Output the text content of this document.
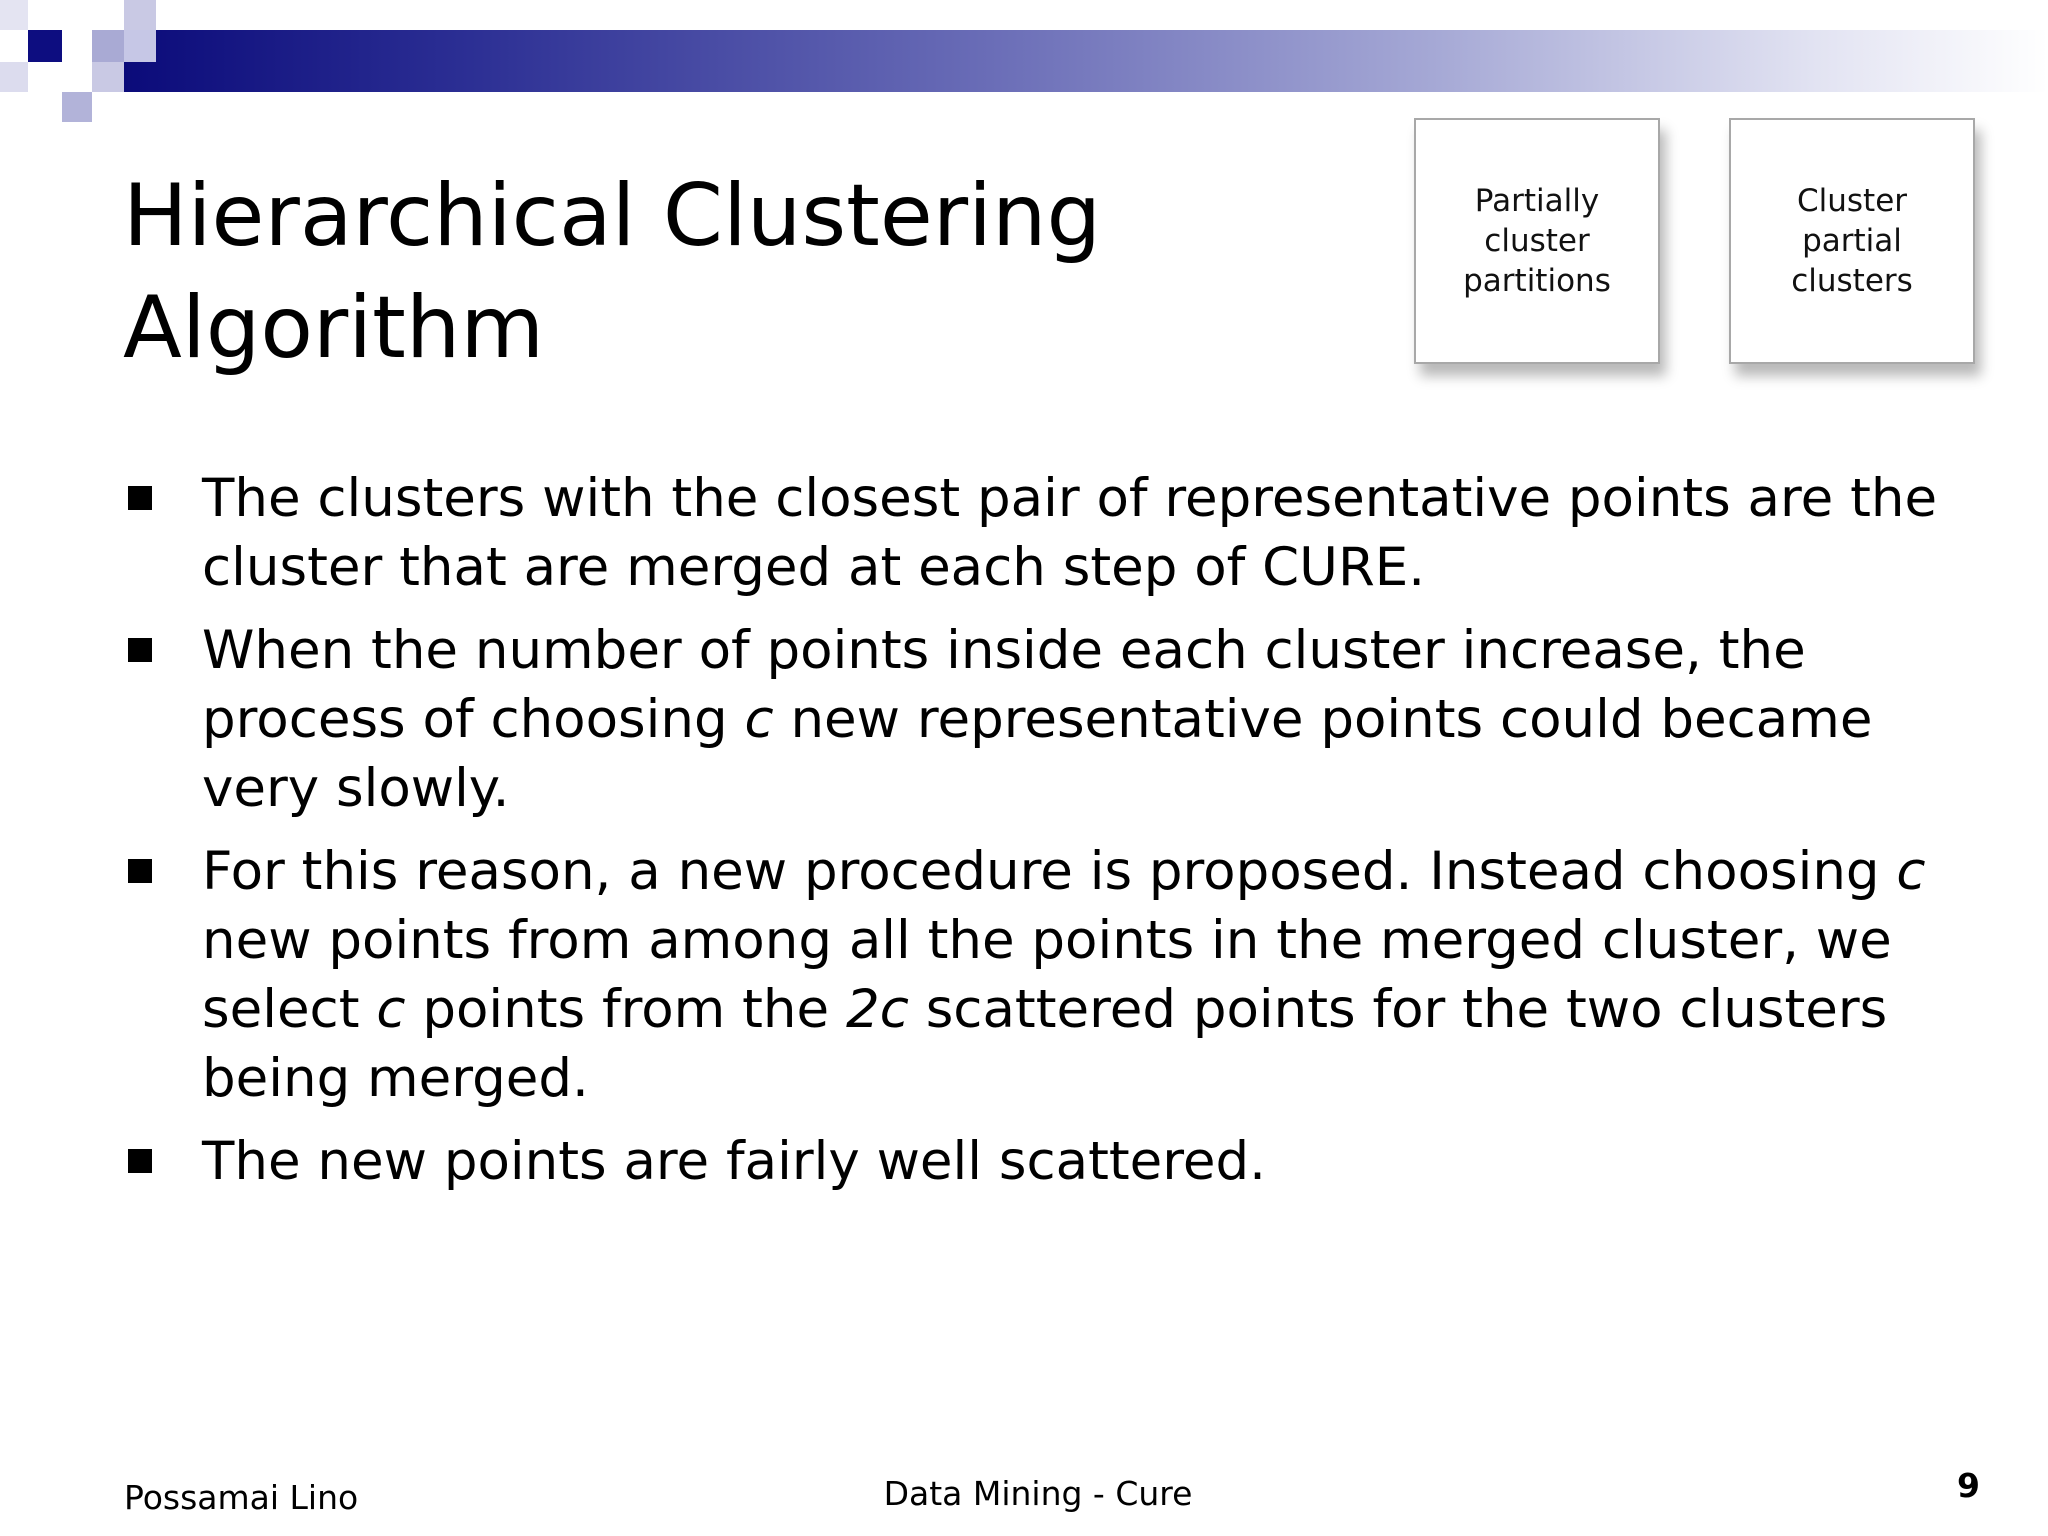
Hierarchical Clustering
Algorithm
Partially cluster partitions
Cluster partial clusters
The clusters with the closest pair of representative points are the cluster that are merged at each step of CURE.
When the number of points inside each cluster increase, the process of choosing c new representative points could became very slowly.
For this reason, a new procedure is proposed. Instead choosing c new points from among all the points in the merged cluster, we select c points from the 2c scattered points for the two clusters being merged.
The new points are fairly well scattered.
Possamai Lino	Data Mining - Cure	9
